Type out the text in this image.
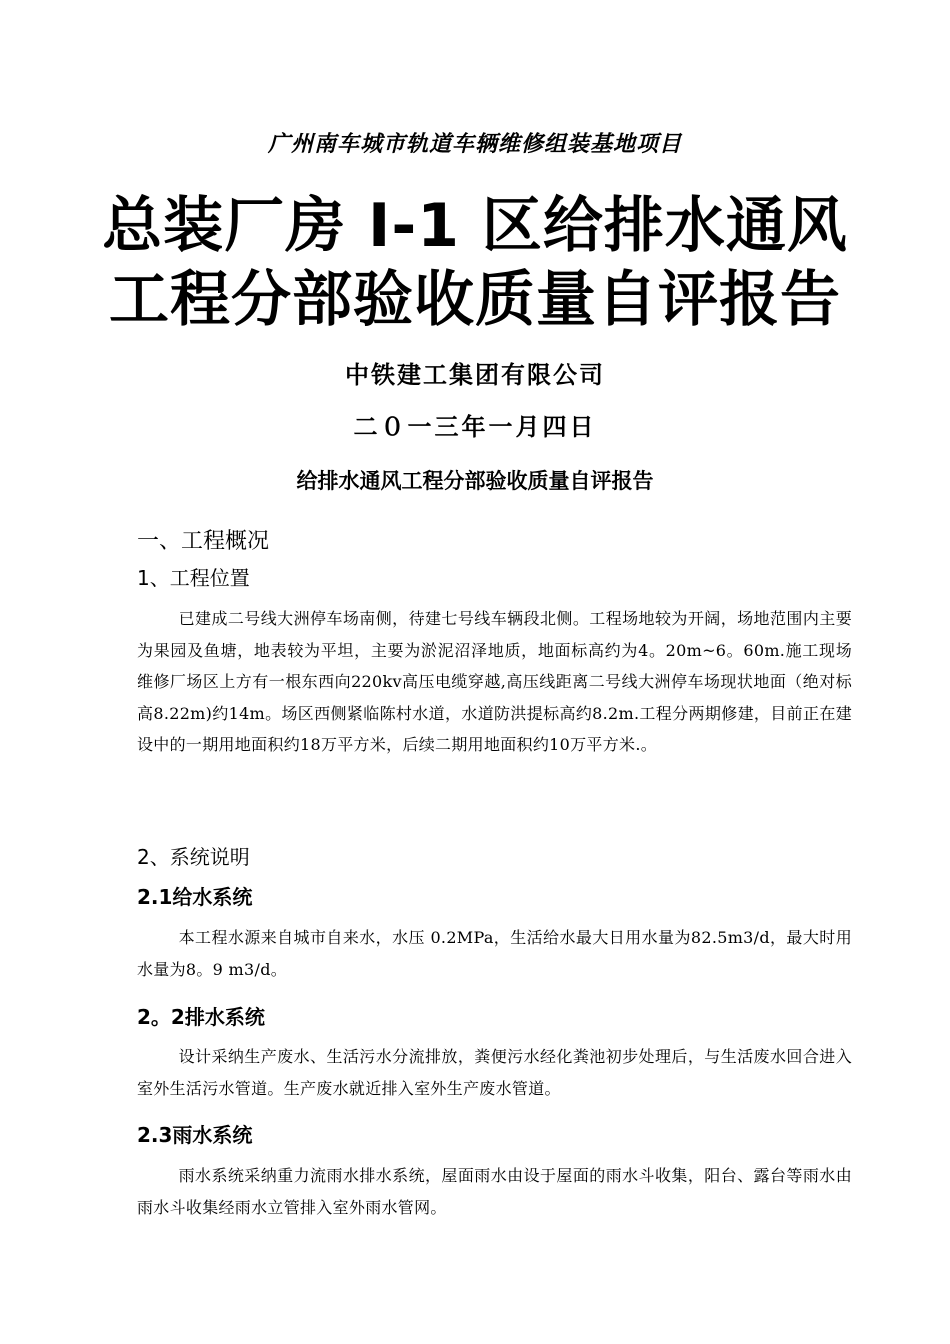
广州南车城市轨道车辆维修组装基地项目
总装厂房 I-1 区给排水通风
工程分部验收质量自评报告
中铁建工集团有限公司
二０一三年一月四日
给排水通风工程分部验收质量自评报告
一、工程概况
1、工程位置
已建成二号线大洲停车场南侧，待建七号线车辆段北侧。工程场地较为开阔，场地范围内主要为果园及鱼塘，地表较为平坦，主要为淤泥沼泽地质，地面标高约为4。20m~6。60m.施工现场维修厂场区上方有一根东西向220kv高压电缆穿越,高压线距离二号线大洲停车场现状地面（绝对标高8.22m)约14m。场区西侧紧临陈村水道，水道防洪提标高约8.2m.工程分两期修建，目前正在建设中的一期用地面积约18万平方米，后续二期用地面积约10万平方米.。
2、系统说明
2.1给水系统
本工程水源来自城市自来水，水压 0.2MPa，生活给水最大日用水量为82.5m3/d，最大时用水量为8。9 m3/d。
2。2排水系统
设计采纳生产废水、生活污水分流排放，粪便污水经化粪池初步处理后，与生活废水回合进入室外生活污水管道。生产废水就近排入室外生产废水管道。
2.3雨水系统
雨水系统采纳重力流雨水排水系统，屋面雨水由设于屋面的雨水斗收集，阳台、露台等雨水由雨水斗收集经雨水立管排入室外雨水管网。
